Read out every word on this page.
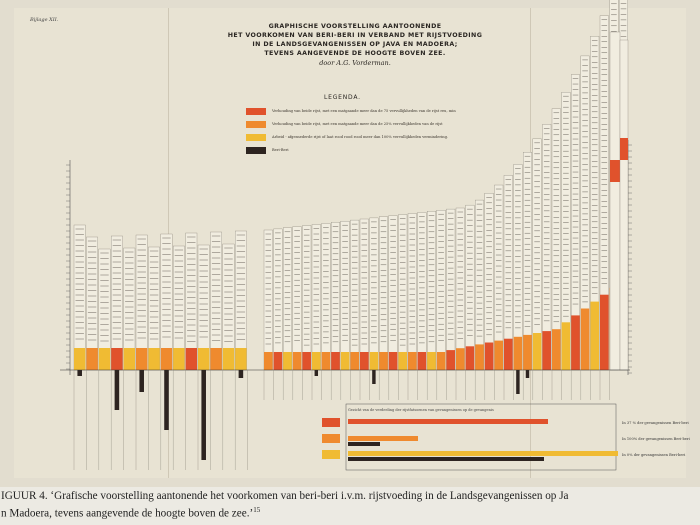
Bijlage XII.
GRAPHISCHE VOORSTELLING AANTOONENDE
HET VOORKOMEN VAN BERI-BERI IN VERBAND MET RIJSTVOEDING
IN DE LANDSGEVANGENISSEN OP JAVA EN MADOERA;
TEVENS AANGEVENDE DE HOOGTE BOVEN ZEE.
door A.G. Vorderman.
LEGENDA.
Verhouding van beide rijst, met een matgaande meer dan de 75 vervullijkheden van de rijst reu, min
Verhouding van beide rijst, met een matgaande meer dan de 25% vervullijkheden van de rijst
Arbeid - afgesnederde rijst of laat rood rood rood meer dan 100% vervullijkheden vermindering.
Beri-Beri
Gezicht van de verdeeling der rijstfatsoenen van gevangenissen op de gevangenis
In 37 % der gevangenissen Beri-beri
In 100% der gevangenissen Beri-beri
In 0% der gevangenissen Beri-beri
IGUUR 4. ‘Grafische voorstelling aantonende het voorkomen van beri-beri i.v.m. rijstvoeding in de Landsgevangenissen op Ja
n Madoera, tevens aangevende de hoogte boven de zee.’$^{15}$
